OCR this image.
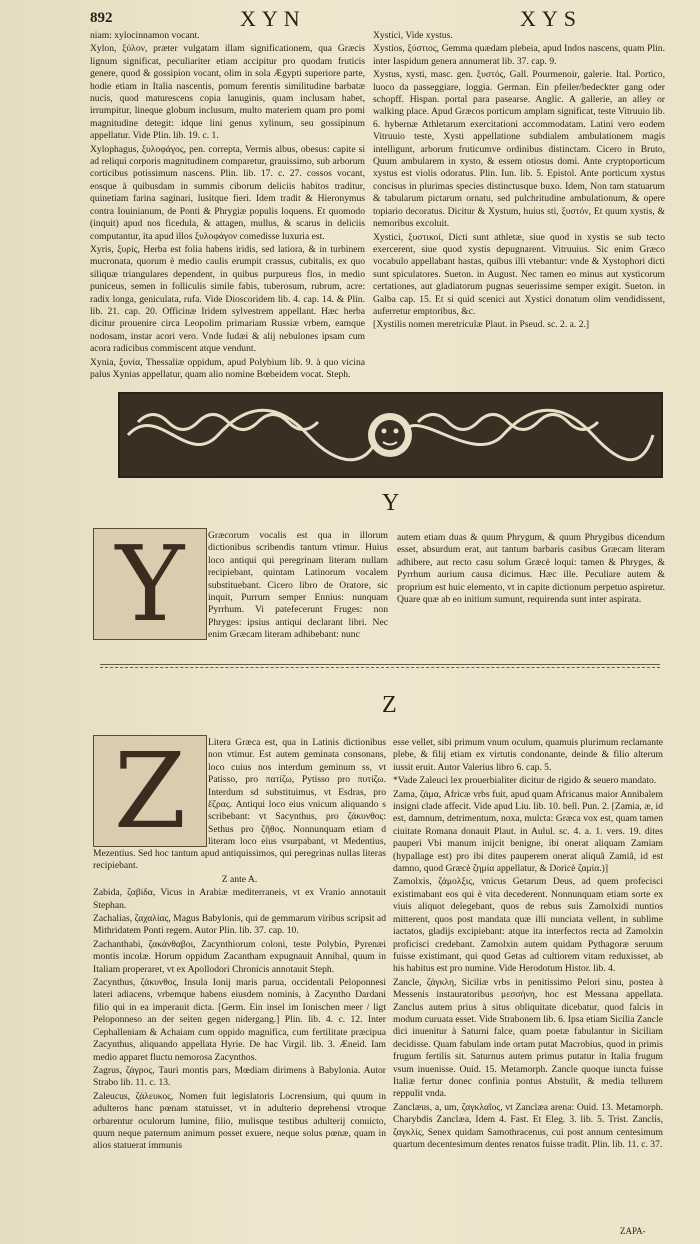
892	XYN	XYS

niam: xylocinnamon vocant.

Xylon, ξύλον, præter vulgatam illam significationem, qua Græcis lignum significat, peculiariter etiam accipitur pro quodam fruticis genere, quod & gossipion vocant, olim in sola Ægypti superiore parte, hodie etiam in Italia nascentis, pomum ferentis similitudine barbatæ nucis, quod maturescens copia lanuginis, quam inclusam habet, irrumpitur, lineque globum inclusum, multo materiem quam pro pomi magnitudine detegit: idque lini genus xylinum, seu gossipinum appellatur. Vide Plin. lib. 19. c. 1.

Xylophagus, ξυλοφάγος, pen. correpta, Vermis albus, obesus: capite si ad reliqui corporis magnitudinem comparetur, grauissimo, sub arborum corticibus potissimum nascens. Plin. lib. 17. c. 27. cossos vocant, eosque à quibusdam in summis ciborum deliciis habitos traditur, quinetiam farina saginari, lusitque fieri. Idem tradit & Hieronymus contra Iouinianum, de Ponti & Phrygiæ populis loquens. Et quomodo (inquit) apud nos ficedula, & attagen, mullus, & scarus in deliciis computantur, ita apud illos ξυλοφάγον comedisse luxuria est.

Xyris, ξυρίς, Herba est folia habens iridis, sed latiora, & in turbinem mucronata, quorum è medio caulis erumpit crassus, cubitalis, ex quo siliquæ triangulares dependent, in quibus purpureus flos, in medio puniceus, semen in folliculis simile fabis, tuberosum, rubrum, acre: radix longa, geniculata, rufa. Vide Dioscoridem lib. 4. cap. 14. & Plin. lib. 21. cap. 20. Officinæ Iridem sylvestrem appellant. Hæc herba dicitur prouenire circa Leopolim primariam Russiæ vrbem, eamque nodosam, instar acori vero. Vnde Iudæi & alij nebulones ipsam cum acora radicibus commiscent atque vendunt.

Xynia, ξυνία, Thessaliæ oppidum, apud Polybium lib. 9. à quo vicina palus Xynias appellatur, quam alio nomine Bœbeidem vocat. Steph.

Xysticì, Vide xystus.

Xystios, ξύστιος, Gemma quædam plebeia, apud Indos nascens, quam Plin. inter Iaspidum genera annumerat lib. 37. cap. 9.

Xystus, xysti, masc. gen. ξυστός, Gall. Pourmenoir, galerie. Ital. Portico, luoco da passeggiare, loggia. German. Ein pfeiler/bedeckter gang oder schopff. Hispan. portal para pasearse. Anglic. A gallerie, an alley or walking place. Apud Græcos porticum amplam significat, teste Vitruuio lib. 6. hybernæ Athletarum exercitationi accommodatam. Latini vero eodem Vitruuio teste, Xysti appellatione subdialem ambulationem magis intelligunt, arborum fruticumve ordinibus distinctam. Cicero in Bruto, Quum ambularem in xysto, & essem otiosus domi. Ante cryptoporticum xystus est violis odoratus. Plin. Iun. lib. 5. Epistol. Ante porticum xystus concisus in plurimas species distinctusque buxo. Idem, Non tam statuarum & tabularum pictarum ornatu, sed pulchritudine ambulationum, & opere topiario decoratus. Dicitur & Xystum, huius sti, ξυστόν, Et quum xystis, & nemoribus excoluit.

Xystici, ξυστικοί, Dicti sunt athletæ, siue quod in xystis se sub tecto exercerent, siue quod xystis depugnarent. Vitruuius. Sic enim Græco vocabulo appellabant hastas, quibus illi vtebantur: vnde & Xystophori dicti sunt spiculatores. Sueton. in August. Nec tamen eo minus aut xysticorum certationes, aut gladiatorum pugnas seuerissime semper exigit. Sueton. in Galba cap. 15. Et si quid scenici aut Xystici donatum olim vendidissent, auferretur emptoribus, &c.

[Xystilis nomen meretriculæ Plaut. in Pseud. sc. 2. a. 2.]

Y
Y	Græcorum vocalis est qua in illorum dictionibus scribendis tantum vtimur. Huius loco antiqui qui peregrinam literam nullam recipiebant, quintam Latinorum vocalem substituebant. Cicero libro de Oratore, sic inquit, Purrum semper Ennius: nunquam Pyrrhum. Vi patefecerunt Fruges: non Phryges: ipsius antiqui declarant libri. Nec enim Græcam literam adhibebant: nunc

autem etiam duas & quum Phrygum, & quum Phrygibus dicendum esset, absurdum erat, aut tantum barbaris casibus Græcam literam adhibere, aut recto casu solum Græcè loqui: tamen & Phryges, & Pyrrhum aurium causa dicimus. Hæc ille. Peculiare autem & proprium est huic elemento, vt in capite dictionum perpetuo aspiretur. Quare quæ ab eo initium sumunt, requirenda sunt inter aspirata.

Z
Z	Litera Græca est, qua in Latinis dictionibus non vtimur. Est autem geminata consonans, loco cuius nos interdum geminum ss, vt Patisso, pro πατίζω, Pytisso pro πυτίζω. Interdum sd substituimus, vt Esdras, pro ἔζρας. Antiqui loco eius vnicum aliquando s scribebant: vt Sacynthus, pro ζάκυνθος: Sethus pro ζῆθος. Nonnunquam etiam d literam loco eius vsurpabant, vt Medentius,

Mezentius. Sed hoc tantum apud antiquissimos, qui peregrinas nullas literas recipiebant.

Z ante A.

Zabida, ζαβίδα, Vicus in Arabiæ mediterraneis, vt ex Vranio annotauit Stephan.

Zachalias, ζαχαλίας, Magus Babylonis, qui de gemmarum viribus scripsit ad Mithridatem Ponti regem. Autor Plin. lib. 37. cap. 10.

Zachanthabi, ζακάνθαβοι, Zacynthiorum coloni, teste Polybio, Pyrenæi montis incolæ. Horum oppidum Zacantham expugnauit Annibal, quum in Italiam properaret, vt ex Apollodori Chronicis annotauit Steph.

Zacynthus, ζάκυνθος, Insula Ionij maris parua, occidentali Peloponnesi lateri adiacens, vrbemque habens eiusdem nominis, à Zacyntho Dardani filio qui in ea imperauit dicta. [Germ. Ein insel im Ionischen meer / ligt Peloponneso an der seiten gegen nidergang.] Plin. lib. 4. c. 12. Inter Cephalleniam & Achaiam cum oppido magnifica, cum fertilitate præcipua Zacynthus, aliquando appellata Hyrie. De hac Virgil. lib. 3. Æneid. Iam medio apparet fluctu nemorosa Zacynthos.

Zagrus, ζάγρος, Tauri montis pars, Mœdiam dirimens à Babylonia. Autor Strabo lib. 11. c. 13.

Zaleucus, ζάλευκος, Nomen fuit legislatoris Locrensium, qui quum in adulteros hanc pœnam statuisset, vt in adulterio deprehensi vtroque orbarentur oculorum lumine, filio, mulisque testibus adulterij conuicto, quum neque paternum animum posset exuere, neque solus pœnæ, quam in alios statuerat immunis

esse vellet, sibi primum vnum oculum, quamuis plurimum reclamante plebe, & filij etiam ex virtutis condonante, deinde & filio alterum iussit eruit. Autor Valerius libro 6. cap. 5.

*Vade Zaleuci lex prouerbialiter dicitur de rigido & seuero mandato.

Zama, ζάμα, Africæ vrbs fuit, apud quam Africanus maior Annibalem insigni clade affecit. Vide apud Liu. lib. 10. bell. Pun. 2. [Zamia, æ, id est, damnum, detrimentum, noxa, mulcta: Græca vox est, quam tamen ciuitate Romana donauit Plaut. in Aulul. sc. 4. a. 1. vers. 19. dites pauperi Vbi manum inijcit benigne, ibi onerat aliquam Zamiam (hypallage est) pro ibi dites pauperem onerat aliquâ Zamiâ, id est damno, quod Græcè ζημία appellatur, & Doricè ζαμία.)]

Zamolxis, ζάμολξις, vnicus Getarum Deus, ad quem profecisci existimabant eos qui è vita decederent. Nonnunquam etiam sorte ex viuis aliquot delegebant, quos de rebus suis Zamolxidi nuntios mitterent, quos post mandata quæ illi nunciata vellent, in sublime iactatos, gladijs excipiebant: atque ita interfectos recta ad Zamolxin proficisci credebant. Zamolxin autem quidam Pythagoræ seruum fuisse existimant, qui quod Getas ad cultiorem vitam reduxisset, ab his habitus est pro numine. Vide Herodotum Histor. lib. 4.

Zancle, ζάγκλη, Siciliæ vrbs in penitissimo Pelori sinu, postea à Messenis instauratoribus μεσσήνη, hoc est Messana appellata. Zanclus autem prius à situs obliquitate dicebatur, quod falcis in modum curuata esset. Vide Strabonem lib. 6. Ipsa etiam Sicilia Zancle dici inuenitur à Saturni falce, quam poetæ fabulantur in Siciliam decidisse. Quam fabulam inde ortam putat Macrobius, quod in primis frugum fertilis sit. Saturnus autem primus putatur in Italia frugum vsum inuenisse. Ouid. 15. Metamorph. Zancle quoque iuncta fuisse Italiæ fertur donec confinia pontus Abstulit, & media tellurem reppulit vnda.

Zanclæus, a, um, ζαγκλαῖος, vt Zanclæa arena: Ouid. 13. Metamorph. Charybdis Zanclæa, Idem 4. Fast. Et Eleg. 3. lib. 5. Trist. Zanclis, ζαγκλίς, Senex quidam Samothracenus, cui post annum centesimum quartum decentesimum dentes renatos fuisse tradit. Plin. lib. 11. c. 37.

ZAPA-
